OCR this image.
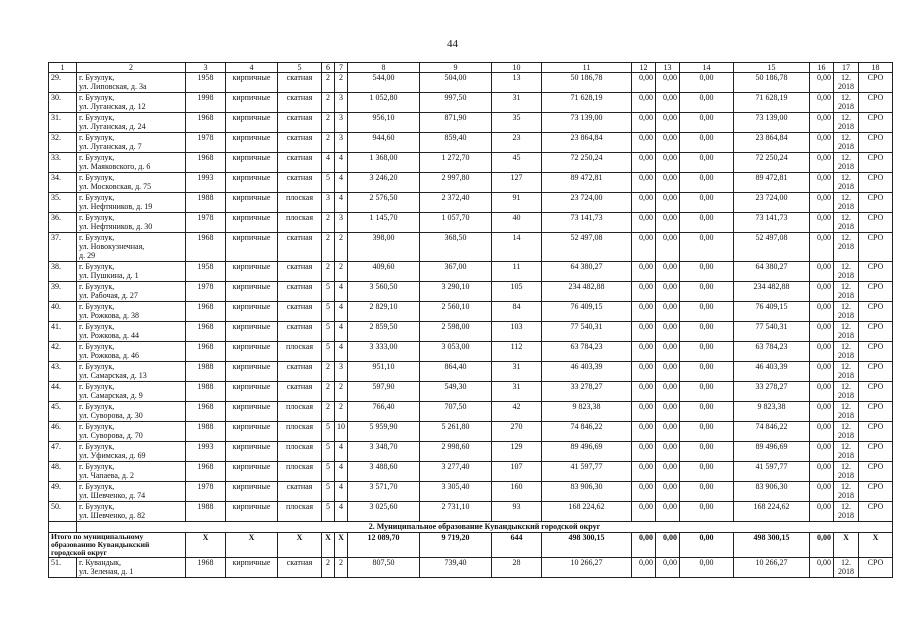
44
1	2	3	4	5	6	7	8	9	10	11	12	13	14	15	16	17	18
29.	г. Бузулук,
ул. Липовская, д. 3а	1958	кирпичные	скатная	2	2	544,00	504,00	13	50 186,78	0,00	0,00	0,00	50 186,78	0,00	12.
2018	СРО
30.	г. Бузулук,
ул. Луганская, д. 12	1998	кирпичные	скатная	2	3	1 052,80	997,50	31	71 628,19	0,00	0,00	0,00	71 628,19	0,00	12.
2018	СРО
31.	г. Бузулук,
ул. Луганская, д. 24	1968	кирпичные	скатная	2	3	956,10	871,90	35	73 139,00	0,00	0,00	0,00	73 139,00	0,00	12.
2018	СРО
32.	г. Бузулук,
ул. Луганская, д. 7	1978	кирпичные	скатная	2	3	944,60	859,40	23	23 864,84	0,00	0,00	0,00	23 864,84	0,00	12.
2018	СРО
33.	г. Бузулук,
ул. Маяковского, д. 6	1968	кирпичные	скатная	4	4	1 368,00	1 272,70	45	72 250,24	0,00	0,00	0,00	72 250,24	0,00	12.
2018	СРО
34.	г. Бузулук,
ул. Московская, д. 75	1993	кирпичные	скатная	5	4	3 246,20	2 997,80	127	89 472,81	0,00	0,00	0,00	89 472,81	0,00	12.
2018	СРО
35.	г. Бузулук,
ул. Нефтяников, д. 19	1988	кирпичные	плоская	3	4	2 576,50	2 372,40	91	23 724,00	0,00	0,00	0,00	23 724,00	0,00	12.
2018	СРО
36.	г. Бузулук,
ул. Нефтяников, д. 30	1978	кирпичные	плоская	2	3	1 145,70	1 057,70	40	73 141,73	0,00	0,00	0,00	73 141,73	0,00	12.
2018	СРО
37.	г. Бузулук,
ул. Новокузнечная,
д. 29	1968	кирпичные	скатная	2	2	398,00	368,50	14	52 497,08	0,00	0,00	0,00	52 497,08	0,00	12.
2018	СРО
38.	г. Бузулук,
ул. Пушкина, д. 1	1958	кирпичные	скатная	2	2	409,60	367,00	11	64 380,27	0,00	0,00	0,00	64 380,27	0,00	12.
2018	СРО
39.	г. Бузулук,
ул. Рабочая, д. 27	1978	кирпичные	скатная	5	4	3 560,50	3 290,10	105	234 482,88	0,00	0,00	0,00	234 482,88	0,00	12.
2018	СРО
40.	г. Бузулук,
ул. Рожкова, д. 38	1968	кирпичные	скатная	5	4	2 829,10	2 560,10	84	76 409,15	0,00	0,00	0,00	76 409,15	0,00	12.
2018	СРО
41.	г. Бузулук,
ул. Рожкова, д. 44	1968	кирпичные	скатная	5	4	2 859,50	2 598,00	103	77 540,31	0,00	0,00	0,00	77 540,31	0,00	12.
2018	СРО
42.	г. Бузулук,
ул. Рожкова, д. 46	1968	кирпичные	плоская	5	4	3 333,00	3 053,00	112	63 784,23	0,00	0,00	0,00	63 784,23	0,00	12.
2018	СРО
43.	г. Бузулук,
ул. Самарская, д. 13	1988	кирпичные	скатная	2	3	951,10	864,40	31	46 403,39	0,00	0,00	0,00	46 403,39	0,00	12.
2018	СРО
44.	г. Бузулук,
ул. Самарская, д. 9	1988	кирпичные	скатная	2	2	597,90	549,30	31	33 278,27	0,00	0,00	0,00	33 278,27	0,00	12.
2018	СРО
45.	г. Бузулук,
ул. Суворова, д. 30	1968	кирпичные	плоская	2	2	766,40	707,50	42	9 823,38	0,00	0,00	0,00	9 823,38	0,00	12.
2018	СРО
46.	г. Бузулук,
ул. Суворова, д. 70	1988	кирпичные	плоская	5	10	5 959,90	5 261,80	270	74 846,22	0,00	0,00	0,00	74 846,22	0,00	12.
2018	СРО
47.	г. Бузулук,
ул. Уфимская, д. 69	1993	кирпичные	плоская	5	4	3 348,70	2 998,60	129	89 496,69	0,00	0,00	0,00	89 496,69	0,00	12.
2018	СРО
48.	г. Бузулук,
ул. Чапаева, д. 2	1968	кирпичные	плоская	5	4	3 488,60	3 277,40	107	41 597,77	0,00	0,00	0,00	41 597,77	0,00	12.
2018	СРО
49.	г. Бузулук,
ул. Шевченко, д. 74	1978	кирпичные	скатная	5	4	3 571,70	3 305,40	160	83 906,30	0,00	0,00	0,00	83 906,30	0,00	12.
2018	СРО
50.	г. Бузулук,
ул. Шевченко, д. 82	1988	кирпичные	плоская	5	4	3 025,60	2 731,10	93	168 224,62	0,00	0,00	0,00	168 224,62	0,00	12.
2018	СРО
	2. Муниципальное образование Кувандыкский городской округ																
Итого по муниципальному образованию Кувандыкский городской округ		X	X	X	X	X	12 089,70	9 719,20	644	498 300,15	0,00	0,00	0,00	498 300,15	0,00	X	X
51.	г. Кувандык,
ул. Зеленая, д. 1	1968	кирпичные	скатная	2	2	807,50	739,40	28	10 266,27	0,00	0,00	0,00	10 266,27	0,00	12.
2018	СРО
